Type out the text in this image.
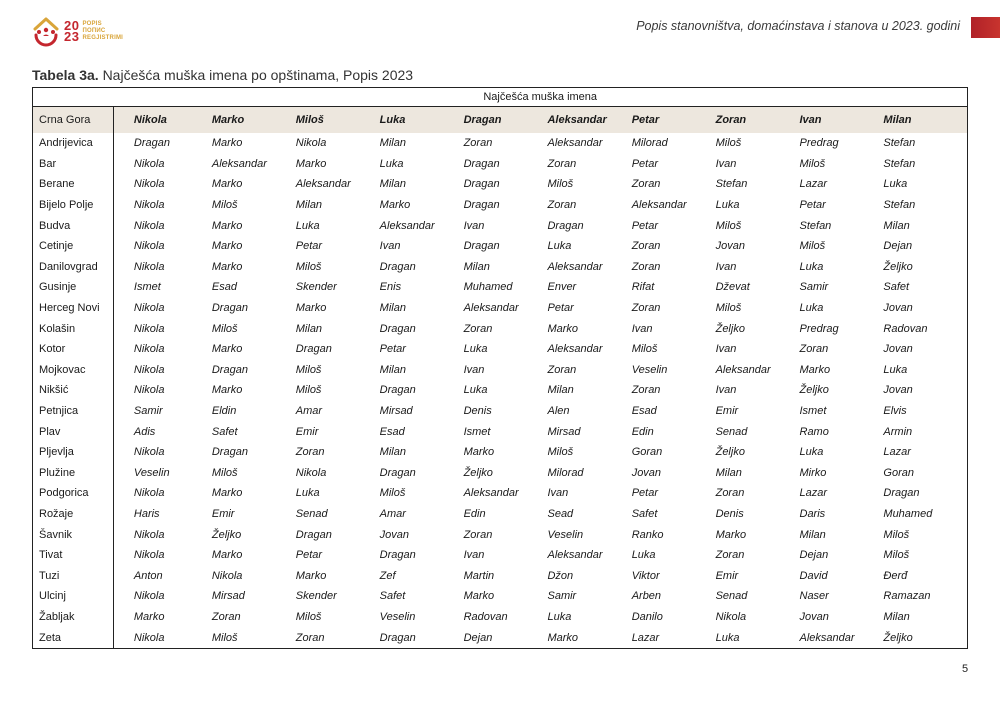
20
23
POPIS
ПОПИС
REGJISTRIMI
Popis stanovništva, domaćinstava i stanova u 2023. godini
Tabela 3a. Najčešća muška imena po opštinama, Popis 2023
	Najčešća muška imena									
Crna Gora	Nikola	Marko	Miloš	Luka	Dragan	Aleksandar	Petar	Zoran	Ivan	Milan
Andrijevica	Dragan	Marko	Nikola	Milan	Zoran	Aleksandar	Milorad	Miloš	Predrag	Stefan
Bar	Nikola	Aleksandar	Marko	Luka	Dragan	Zoran	Petar	Ivan	Miloš	Stefan
Berane	Nikola	Marko	Aleksandar	Milan	Dragan	Miloš	Zoran	Stefan	Lazar	Luka
Bijelo Polje	Nikola	Miloš	Milan	Marko	Dragan	Zoran	Aleksandar	Luka	Petar	Stefan
Budva	Nikola	Marko	Luka	Aleksandar	Ivan	Dragan	Petar	Miloš	Stefan	Milan
Cetinje	Nikola	Marko	Petar	Ivan	Dragan	Luka	Zoran	Jovan	Miloš	Dejan
Danilovgrad	Nikola	Marko	Miloš	Dragan	Milan	Aleksandar	Zoran	Ivan	Luka	Željko
Gusinje	Ismet	Esad	Skender	Enis	Muhamed	Enver	Rifat	Dževat	Samir	Safet
Herceg Novi	Nikola	Dragan	Marko	Milan	Aleksandar	Petar	Zoran	Miloš	Luka	Jovan
Kolašin	Nikola	Miloš	Milan	Dragan	Zoran	Marko	Ivan	Željko	Predrag	Radovan
Kotor	Nikola	Marko	Dragan	Petar	Luka	Aleksandar	Miloš	Ivan	Zoran	Jovan
Mojkovac	Nikola	Dragan	Miloš	Milan	Ivan	Zoran	Veselin	Aleksandar	Marko	Luka
Nikšić	Nikola	Marko	Miloš	Dragan	Luka	Milan	Zoran	Ivan	Željko	Jovan
Petnjica	Samir	Eldin	Amar	Mirsad	Denis	Alen	Esad	Emir	Ismet	Elvis
Plav	Adis	Safet	Emir	Esad	Ismet	Mirsad	Edin	Senad	Ramo	Armin
Pljevlja	Nikola	Dragan	Zoran	Milan	Marko	Miloš	Goran	Željko	Luka	Lazar
Plužine	Veselin	Miloš	Nikola	Dragan	Željko	Milorad	Jovan	Milan	Mirko	Goran
Podgorica	Nikola	Marko	Luka	Miloš	Aleksandar	Ivan	Petar	Zoran	Lazar	Dragan
Rožaje	Haris	Emir	Senad	Amar	Edin	Sead	Safet	Denis	Daris	Muhamed
Šavnik	Nikola	Željko	Dragan	Jovan	Zoran	Veselin	Ranko	Marko	Milan	Miloš
Tivat	Nikola	Marko	Petar	Dragan	Ivan	Aleksandar	Luka	Zoran	Dejan	Miloš
Tuzi	Anton	Nikola	Marko	Zef	Martin	Džon	Viktor	Emir	David	Đerđ
Ulcinj	Nikola	Mirsad	Skender	Safet	Marko	Samir	Arben	Senad	Naser	Ramazan
Žabljak	Marko	Zoran	Miloš	Veselin	Radovan	Luka	Danilo	Nikola	Jovan	Milan
Zeta	Nikola	Miloš	Zoran	Dragan	Dejan	Marko	Lazar	Luka	Aleksandar	Željko
5
